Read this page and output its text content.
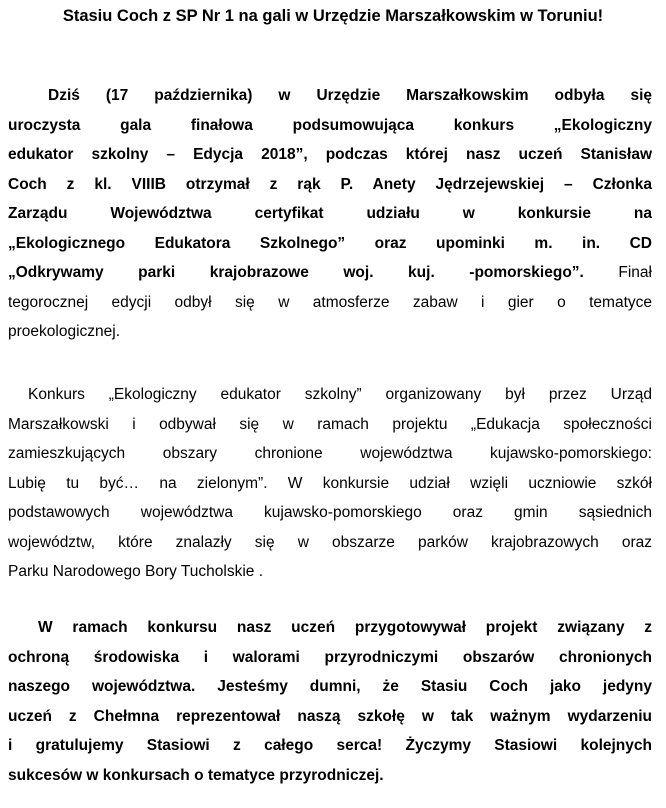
Stasiu Coch z SP Nr 1 na gali w Urzędzie Marszałkowskim w Toruniu!
Dziś (17 października) w Urzędzie Marszałkowskim odbyła się
uroczysta gala finałowa podsumowująca konkurs „Ekologiczny
edukator szkolny – Edycja 2018”, podczas której nasz uczeń Stanisław
Coch z kl. VIIIB otrzymał z rąk P. Anety Jędrzejewskiej – Członka
Zarządu Województwa certyfikat udziału w konkursie na
„Ekologicznego Edukatora Szkolnego” oraz upominki m. in. CD
„Odkrywamy parki krajobrazowe woj. kuj. -pomorskiego”. Finał
tegorocznej edycji odbył się w atmosferze zabaw i gier o tematyce
proekologicznej.
Konkurs „Ekologiczny edukator szkolny” organizowany był przez Urząd
Marszałkowski i odbywał się w ramach projektu „Edukacja społeczności
zamieszkujących obszary chronione województwa kujawsko-pomorskiego:
Lubię tu być… na zielonym”. W konkursie udział wzięli uczniowie szkół
podstawowych województwa kujawsko-pomorskiego oraz gmin sąsiednich
województw, które znalazły się w obszarze parków krajobrazowych oraz
Parku Narodowego Bory Tucholskie .
W ramach konkursu nasz uczeń przygotowywał projekt związany z
ochroną środowiska i walorami przyrodniczymi obszarów chronionych
naszego województwa. Jesteśmy dumni, że Stasiu Coch jako jedyny
uczeń z Chełmna reprezentował naszą szkołę w tak ważnym wydarzeniu
i gratulujemy Stasiowi z całego serca! Życzymy Stasiowi kolejnych
sukcesów w konkursach o tematyce przyrodniczej.
